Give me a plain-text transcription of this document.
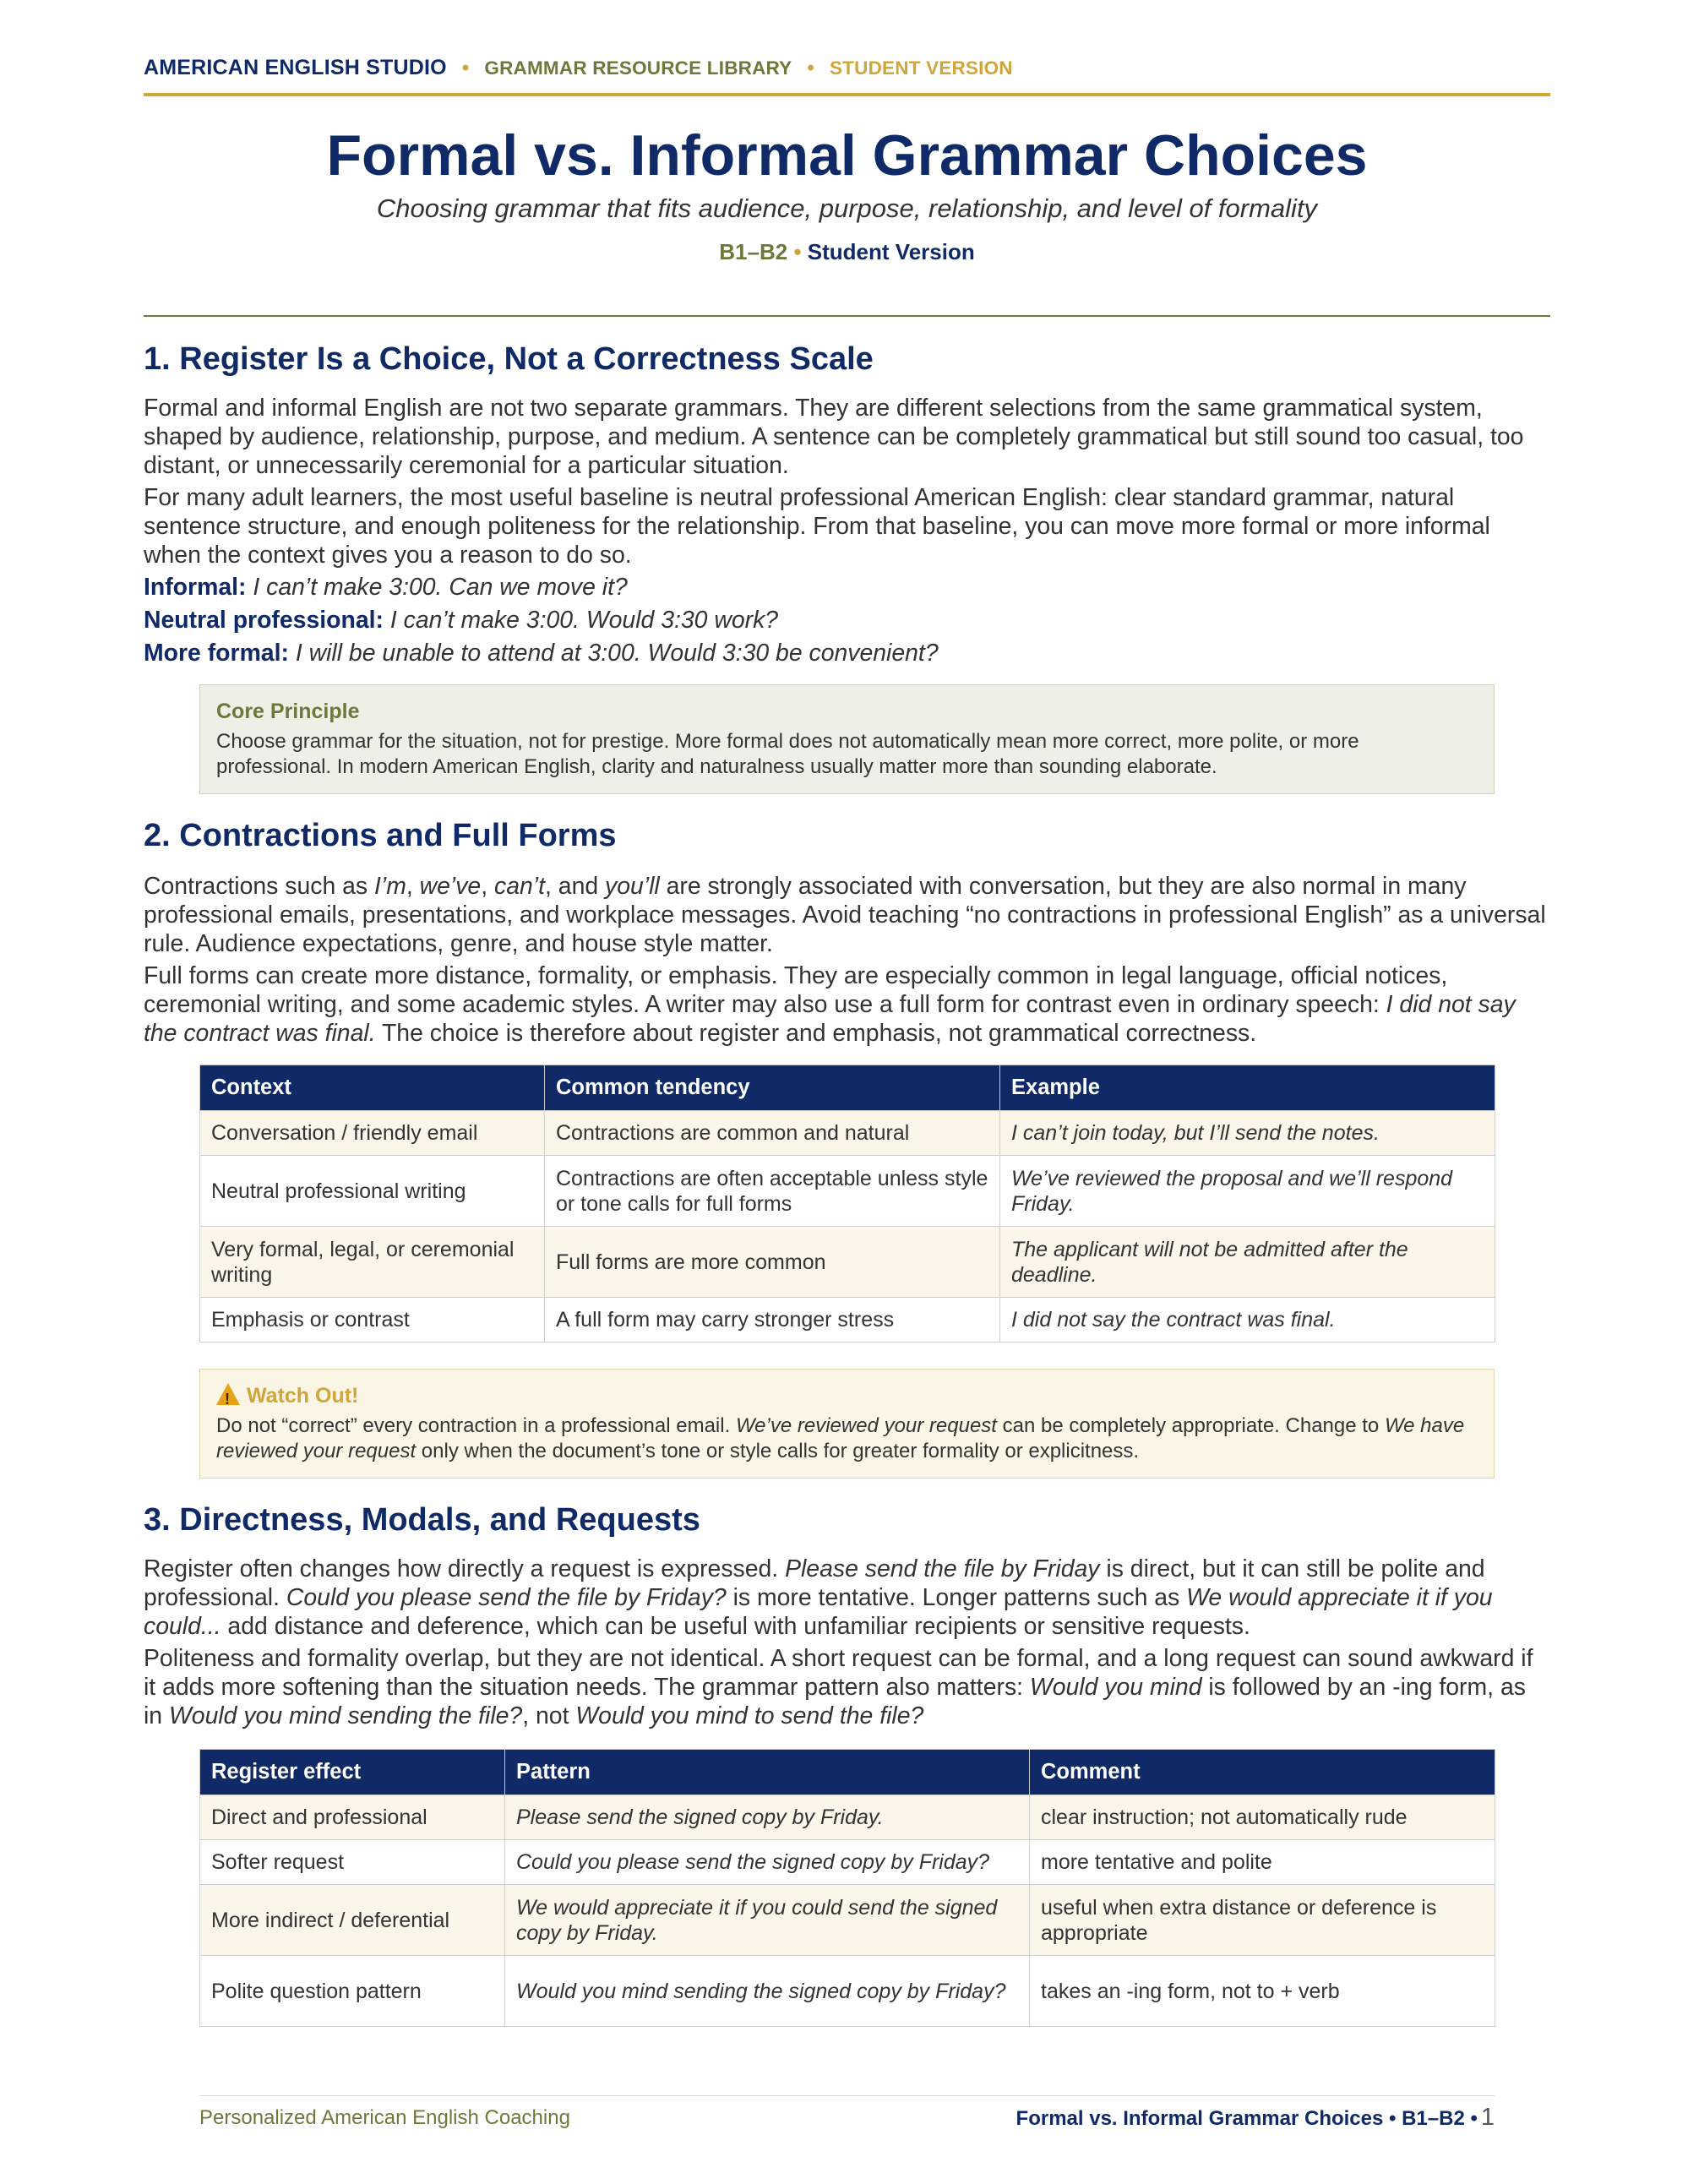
AMERICAN ENGLISH STUDIO • GRAMMAR RESOURCE LIBRARY • STUDENT VERSION
Formal vs. Informal Grammar Choices
Choosing grammar that fits audience, purpose, relationship, and level of formality
B1–B2 • Student Version
1. Register Is a Choice, Not a Correctness Scale

Formal and informal English are not two separate grammars. They are different selections from the same grammatical system, shaped by audience, relationship, purpose, and medium. A sentence can be completely grammatical but still sound too casual, too distant, or unnecessarily ceremonial for a particular situation.

For many adult learners, the most useful baseline is neutral professional American English: clear standard grammar, natural sentence structure, and enough politeness for the relationship. From that baseline, you can move more formal or more informal when the context gives you a reason to do so.

Informal: I can’t make 3:00. Can we move it?

Neutral professional: I can’t make 3:00. Would 3:30 work?

More formal: I will be unable to attend at 3:00. Would 3:30 be convenient?

Core Principle
Choose grammar for the situation, not for prestige. More formal does not automatically mean more correct, more polite, or more professional. In modern American English, clarity and naturalness usually matter more than sounding elaborate.
2. Contractions and Full Forms

Contractions such as I’m, we’ve, can’t, and you’ll are strongly associated with conversation, but they are also normal in many professional emails, presentations, and workplace messages. Avoid teaching “no contractions in professional English” as a universal rule. Audience expectations, genre, and house style matter.

Full forms can create more distance, formality, or emphasis. They are especially common in legal language, official notices, ceremonial writing, and some academic styles. A writer may also use a full form for contrast even in ordinary speech: I did not say the contract was final. The choice is therefore about register and emphasis, not grammatical correctness.

Context	Common tendency	Example
Conversation / friendly email	Contractions are common and natural	I can’t join today, but I’ll send the notes.
Neutral professional writing	Contractions are often acceptable unless style or tone calls for full forms	We’ve reviewed the proposal and we’ll respond Friday.
Very formal, legal, or ceremonial writing	Full forms are more common	The applicant will not be admitted after the deadline.
Emphasis or contrast	A full form may carry stronger stress	I did not say the contract was final.
! Watch Out!
Do not “correct” every contraction in a professional email. We’ve reviewed your request can be completely appropriate. Change to We have reviewed your request only when the document’s tone or style calls for greater formality or explicitness.
3. Directness, Modals, and Requests

Register often changes how directly a request is expressed. Please send the file by Friday is direct, but it can still be polite and professional. Could you please send the file by Friday? is more tentative. Longer patterns such as We would appreciate it if you could... add distance and deference, which can be useful with unfamiliar recipients or sensitive requests.

Politeness and formality overlap, but they are not identical. A short request can be formal, and a long request can sound awkward if it adds more softening than the situation needs. The grammar pattern also matters: Would you mind is followed by an -ing form, as in Would you mind sending the file?, not Would you mind to send the file?

Register effect	Pattern	Comment
Direct and professional	Please send the signed copy by Friday.	clear instruction; not automatically rude
Softer request	Could you please send the signed copy by Friday?	more tentative and polite
More indirect / deferential	We would appreciate it if you could send the signed copy by Friday.	useful when extra distance or deference is appropriate
Polite question pattern	Would you mind sending the signed copy by Friday?	takes an -ing form, not to + verb
Personalized American English Coaching	Formal vs. Informal Grammar Choices • B1–B2 • 1
